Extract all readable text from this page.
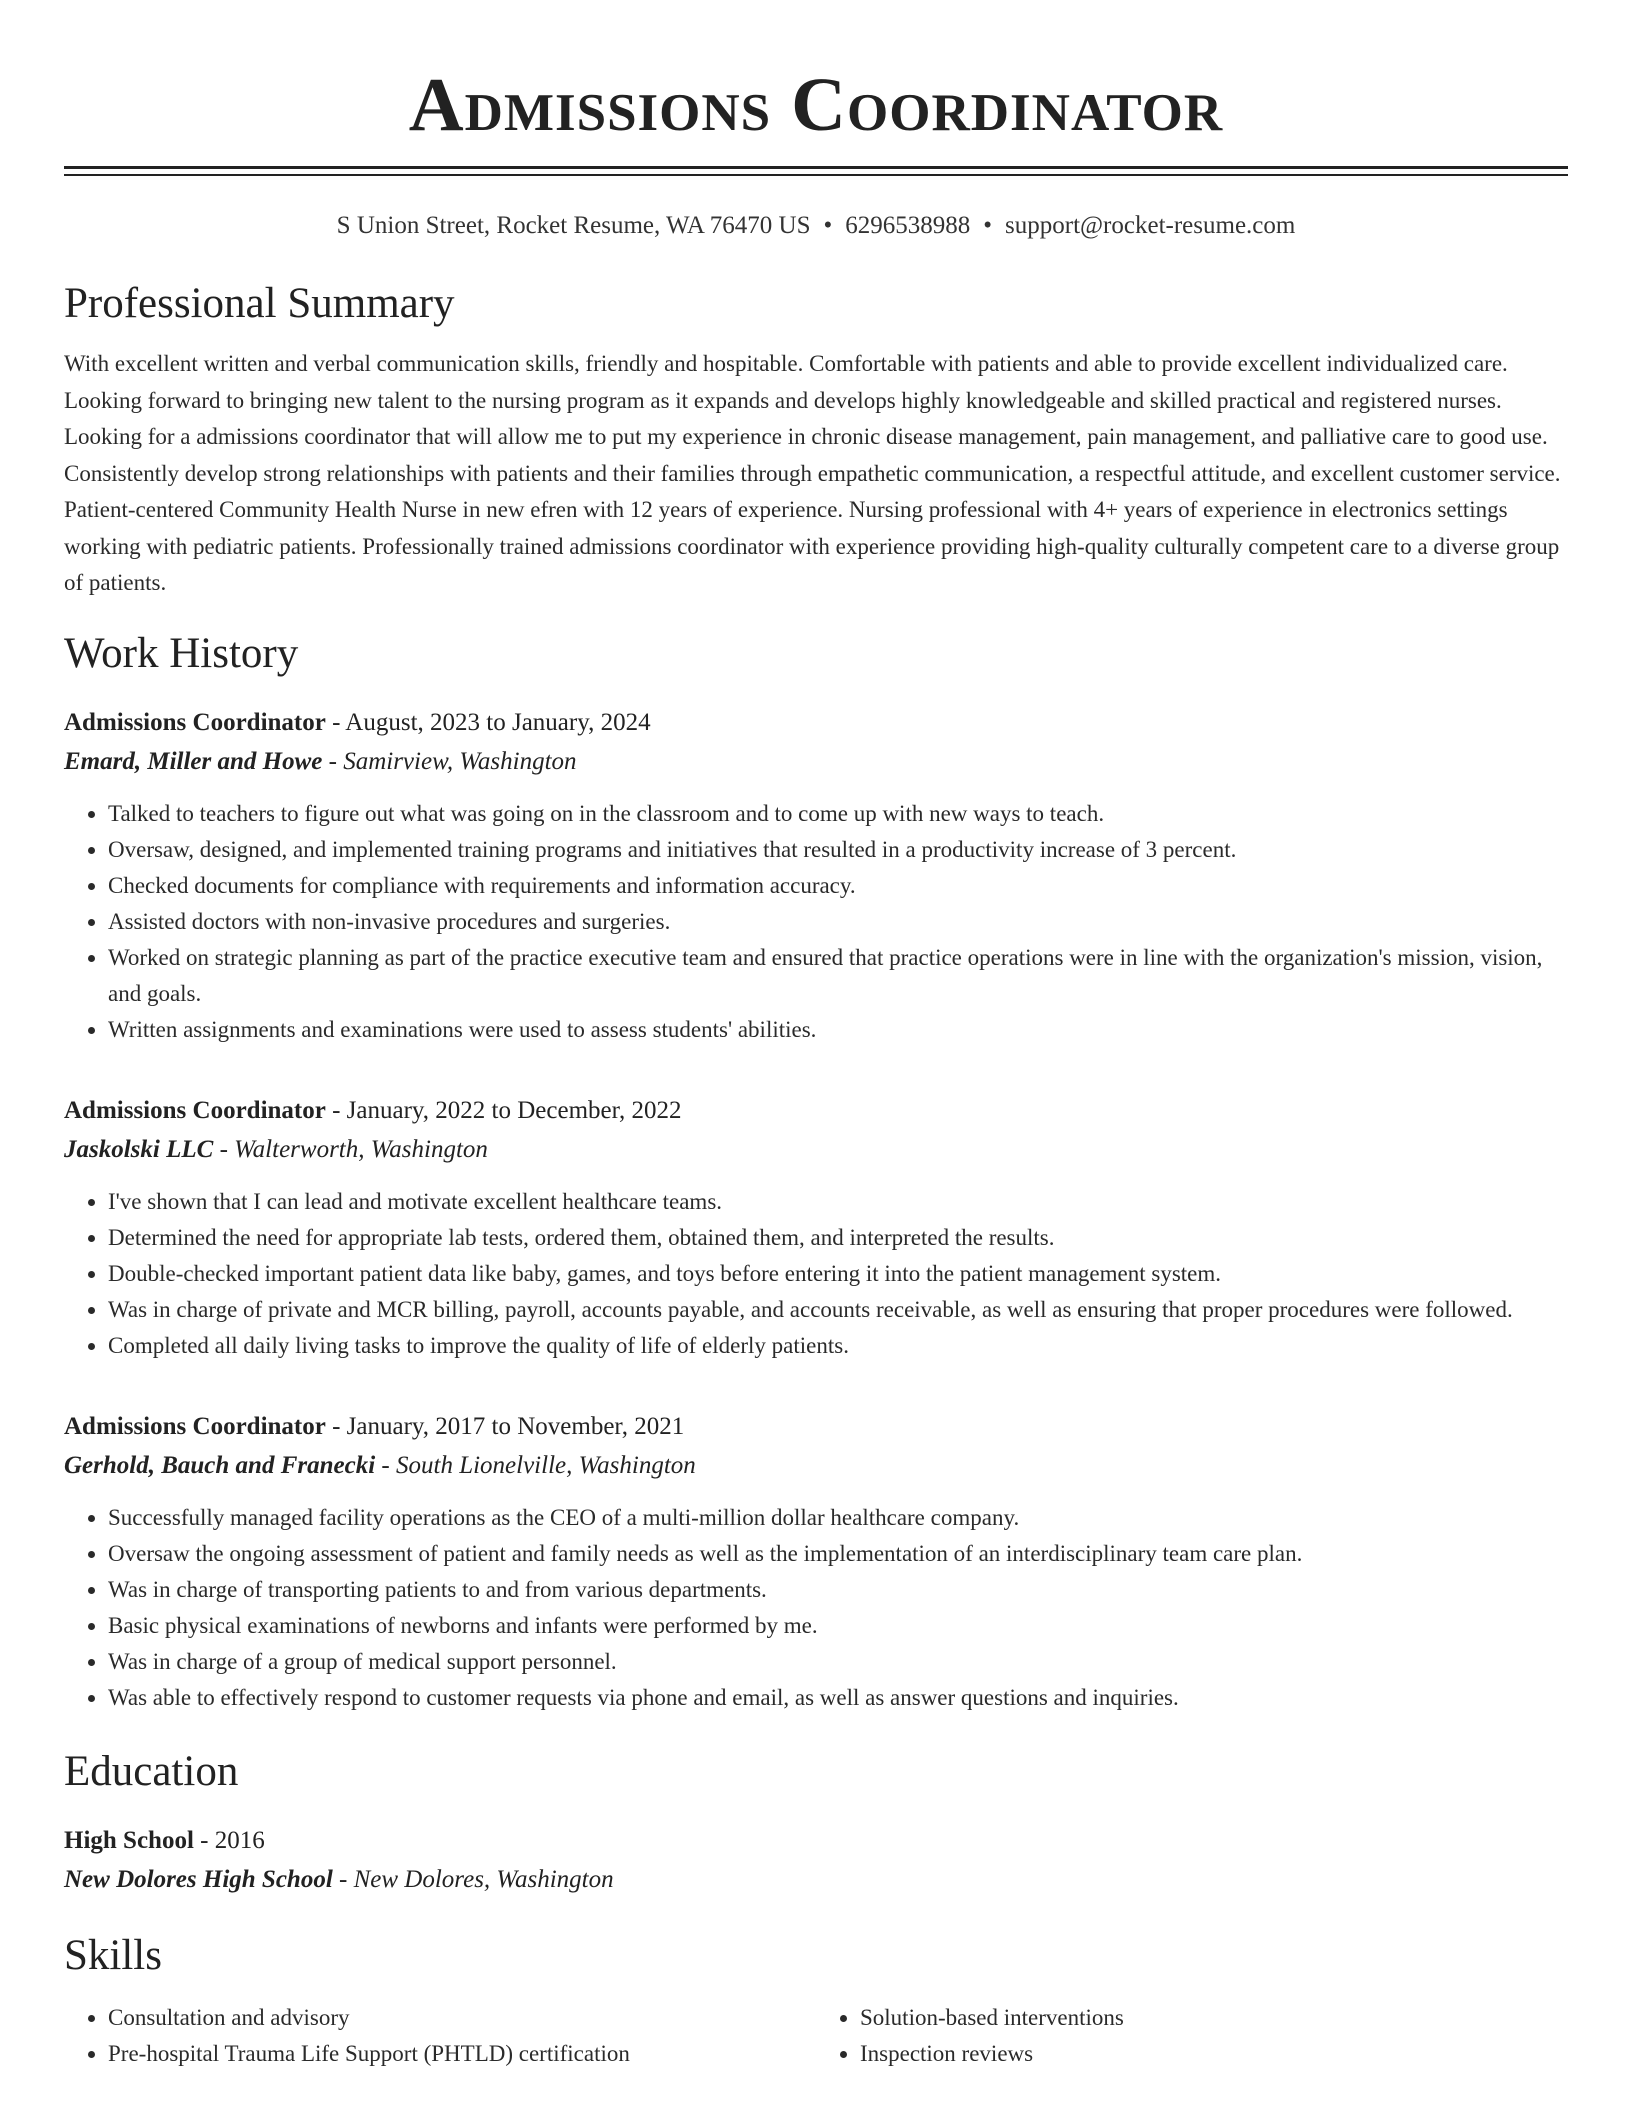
Admissions Coordinator
S Union Street, Rocket Resume, WA 76470 US • 6296538988 • support@rocket-resume.com
Professional Summary
With excellent written and verbal communication skills, friendly and hospitable. Comfortable with patients and able to provide excellent individualized care. Looking forward to bringing new talent to the nursing program as it expands and develops highly knowledgeable and skilled practical and registered nurses. Looking for a admissions coordinator that will allow me to put my experience in chronic disease management, pain management, and palliative care to good use. Consistently develop strong relationships with patients and their families through empathetic communication, a respectful attitude, and excellent customer service. Patient-centered Community Health Nurse in new efren with 12 years of experience. Nursing professional with 4+ years of experience in electronics settings working with pediatric patients. Professionally trained admissions coordinator with experience providing high-quality culturally competent care to a diverse group of patients.
Work History
Admissions Coordinator - August, 2023 to January, 2024
Emard, Miller and Howe - Samirview, Washington
• Talked to teachers to figure out what was going on in the classroom and to come up with new ways to teach.
• Oversaw, designed, and implemented training programs and initiatives that resulted in a productivity increase of 3 percent.
• Checked documents for compliance with requirements and information accuracy.
• Assisted doctors with non-invasive procedures and surgeries.
• Worked on strategic planning as part of the practice executive team and ensured that practice operations were in line with the organization's mission, vision, and goals.
• Written assignments and examinations were used to assess students' abilities.
Admissions Coordinator - January, 2022 to December, 2022
Jaskolski LLC - Walterworth, Washington
• I've shown that I can lead and motivate excellent healthcare teams.
• Determined the need for appropriate lab tests, ordered them, obtained them, and interpreted the results.
• Double-checked important patient data like baby, games, and toys before entering it into the patient management system.
• Was in charge of private and MCR billing, payroll, accounts payable, and accounts receivable, as well as ensuring that proper procedures were followed.
• Completed all daily living tasks to improve the quality of life of elderly patients.
Admissions Coordinator - January, 2017 to November, 2021
Gerhold, Bauch and Franecki - South Lionelville, Washington
• Successfully managed facility operations as the CEO of a multi-million dollar healthcare company.
• Oversaw the ongoing assessment of patient and family needs as well as the implementation of an interdisciplinary team care plan.
• Was in charge of transporting patients to and from various departments.
• Basic physical examinations of newborns and infants were performed by me.
• Was in charge of a group of medical support personnel.
• Was able to effectively respond to customer requests via phone and email, as well as answer questions and inquiries.
Education
High School - 2016
New Dolores High School - New Dolores, Washington
Skills
• Consultation and advisory
• Pre-hospital Trauma Life Support (PHTLD) certification
• Solution-based interventions
• Inspection reviews
